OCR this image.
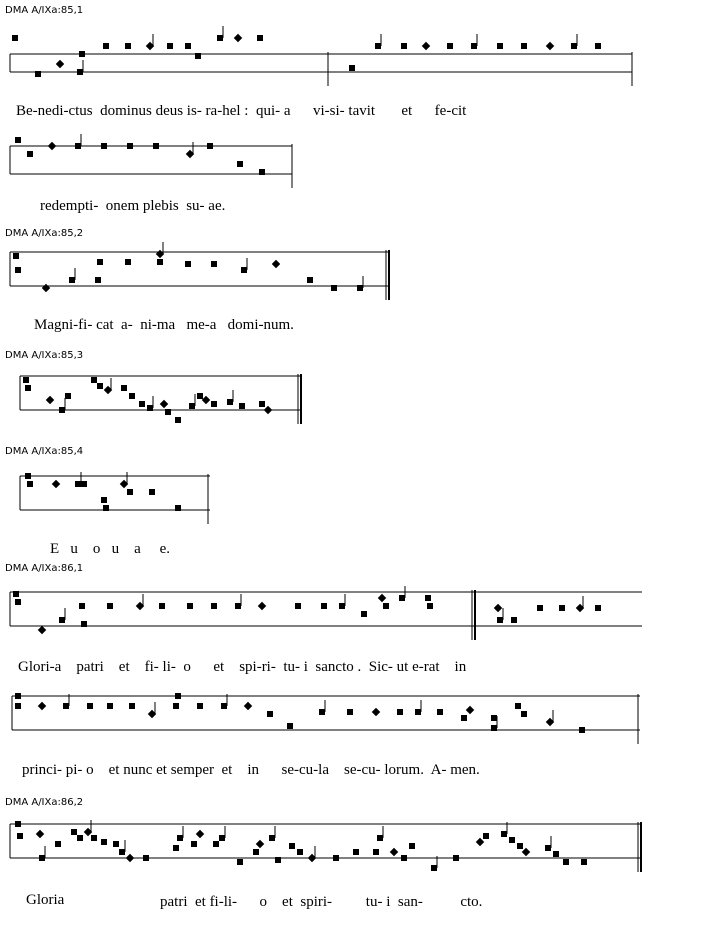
DMA A/IXa:85,1
Be-nedi-ctus  dominus deus is- ra-hel :  qui- a      vi-si- tavit       et      fe-cit
redempti-  onem plebis  su- ae.
DMA A/IXa:85,2
Magni-fi- cat  a-  ni-ma   me-a   domi-num.
DMA A/IXa:85,3
DMA A/IXa:85,4
E   u    o   u    a     e.
DMA A/IXa:86,1
Glori-a    patri    et    fi- li-  o      et    spi-ri-  tu- i  sancto .  Sic- ut e-rat    in
princi- pi- o    et nunc et semper  et    in      se-cu-la    se-cu- lorum.  A- men.
DMA A/IXa:86,2
Gloria	patri  et fi-li-      o    et  spiri-         tu- i  san-          cto.
